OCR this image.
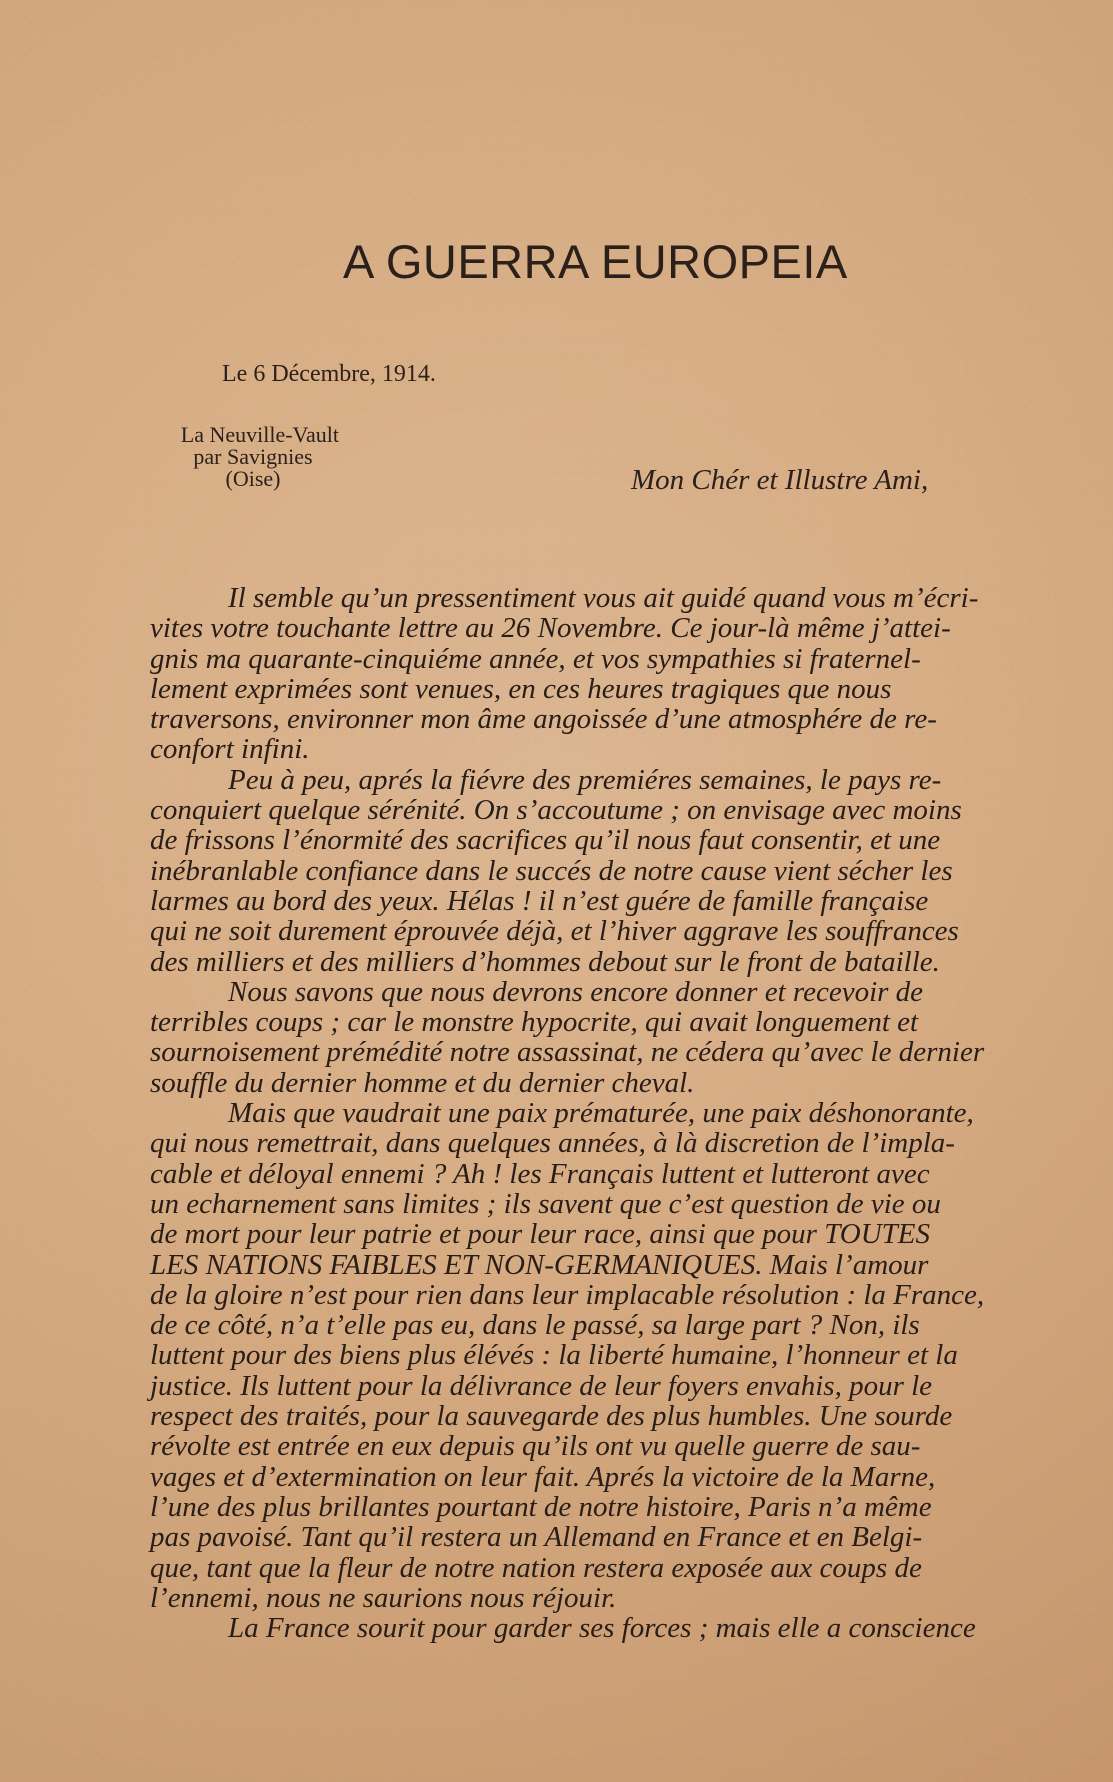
A GUERRA EUROPEIA
Le 6 Décembre, 1914.
La Neuville-Vault
par Savignies
(Oise)	Mon Chér et Illustre Ami,
Il semble qu’un pressentiment vous ait guidé quand vous m’écri-
vites votre touchante lettre au 26 Novembre. Ce jour-là même j’attei-
gnis ma quarante-cinquiéme année, et vos sympathies si fraternel-
lement exprimées sont venues, en ces heures tragiques que nous
traversons, environner mon âme angoissée d’une atmosphére de re-
confort infini.
Peu à peu, aprés la fiévre des premiéres semaines, le pays re-
conquiert quelque sérénité. On s’accoutume ; on envisage avec moins
de frissons l’énormité des sacrifices qu’il nous faut consentir, et une
inébranlable confiance dans le succés de notre cause vient sécher les
larmes au bord des yeux. Hélas ! il n’est guére de famille française
qui ne soit durement éprouvée déjà, et l’hiver aggrave les souffrances
des milliers et des milliers d’hommes debout sur le front de bataille.
Nous savons que nous devrons encore donner et recevoir de
terribles coups ; car le monstre hypocrite, qui avait longuement et
sournoisement prémédité notre assassinat, ne cédera qu’avec le dernier
souffle du dernier homme et du dernier cheval.
Mais que vaudrait une paix prématurée, une paix déshonorante,
qui nous remettrait, dans quelques années, à là discretion de l’impla-
cable et déloyal ennemi ? Ah ! les Français luttent et lutteront avec
un echarnement sans limites ; ils savent que c’est question de vie ou
de mort pour leur patrie et pour leur race, ainsi que pour TOUTES
LES NATIONS FAIBLES ET NON-GERMANIQUES. Mais l’amour
de la gloire n’est pour rien dans leur implacable résolution : la France,
de ce côté, n’a t’elle pas eu, dans le passé, sa large part ? Non, ils
luttent pour des biens plus élévés : la liberté humaine, l’honneur et la
justice. Ils luttent pour la délivrance de leur foyers envahis, pour le
respect des traités, pour la sauvegarde des plus humbles. Une sourde
révolte est entrée en eux depuis qu’ils ont vu quelle guerre de sau-
vages et d’extermination on leur fait. Aprés la victoire de la Marne,
l’une des plus brillantes pourtant de notre histoire, Paris n’a même
pas pavoisé. Tant qu’il restera un Allemand en France et en Belgi-
que, tant que la fleur de notre nation restera exposée aux coups de
l’ennemi, nous ne saurions nous réjouir.
La France sourit pour garder ses forces ; mais elle a conscience
